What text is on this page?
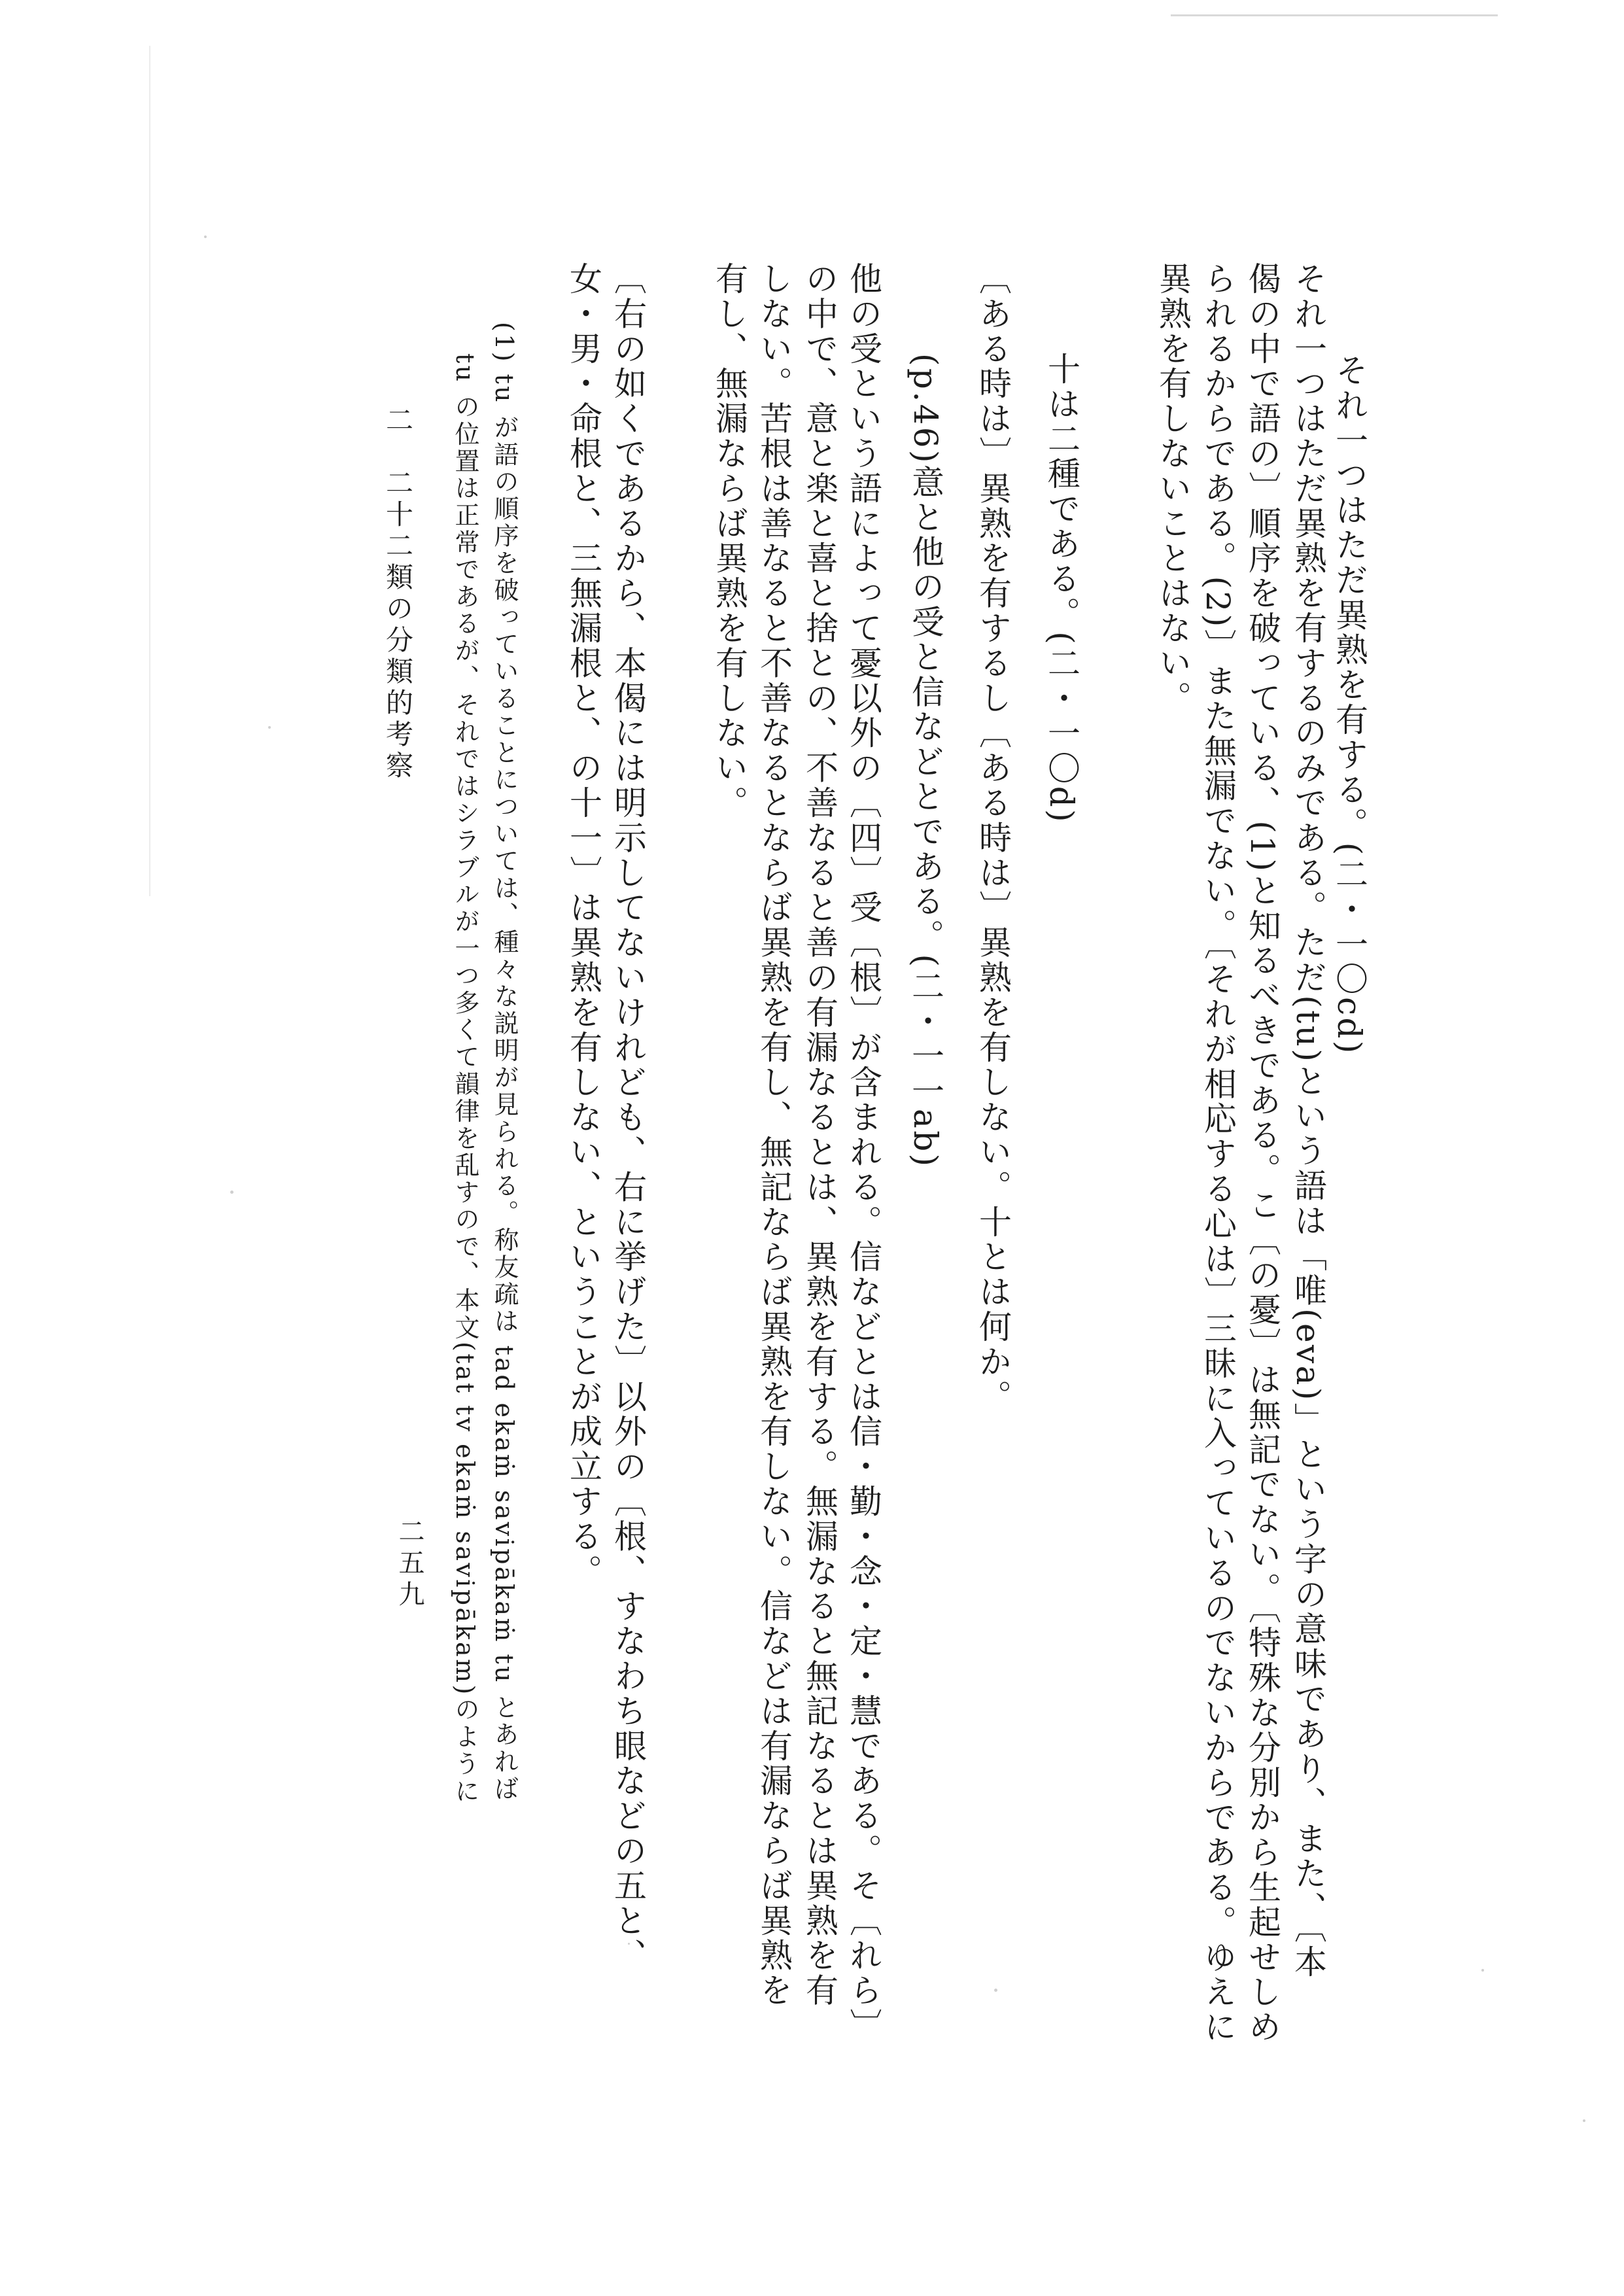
それ一つはただ異熟を有する。(二・一〇cd)
それ一つはただ異熟を有するのみである。ただ(tu)という語は「唯(eva)」という字の意味であり、また、〔本
偈の中で語の〕順序を破っている、(1)と知るべきである。こ〔の憂〕は無記でない。〔特殊な分別から生起せしめ
られるからである。(2)〕また無漏でない。〔それが相応する心は〕三昧に入っているのでないからである。ゆえに
異熟を有しないことはない。
十は二種である。(二・一〇d)
〔ある時は〕異熟を有するし〔ある時は〕異熟を有しない。十とは何か。
(p.46)意と他の受と信などとである。(二・一一ab)
他の受という語によって憂以外の〔四〕受〔根〕が含まれる。信などとは信・勤・念・定・慧である。そ〔れら〕
の中で、意と楽と喜と捨との、不善なると善の有漏なるとは、異熟を有する。無漏なると無記なるとは異熟を有
しない。苦根は善なると不善なるとならば異熟を有し、無記ならば異熟を有しない。信などは有漏ならば異熟を
有し、無漏ならば異熟を有しない。
〔右の如くであるから、本偈には明示してないけれども、右に挙げた〕以外の〔根、すなわち眼などの五と、
女・男・命根と、三無漏根と、の十一〕は異熟を有しない、ということが成立する。
(1) tu が語の順序を破っていることについては、種々な説明が見られる。称友疏は tad ekaṁ savipākaṁ tu とあれば
tu の位置は正常であるが、それではシラブルが一つ多くて韻律を乱すので、本文(tat tv ekaṁ savipākam)のように
二　二十二類の分類的考察
二五九
